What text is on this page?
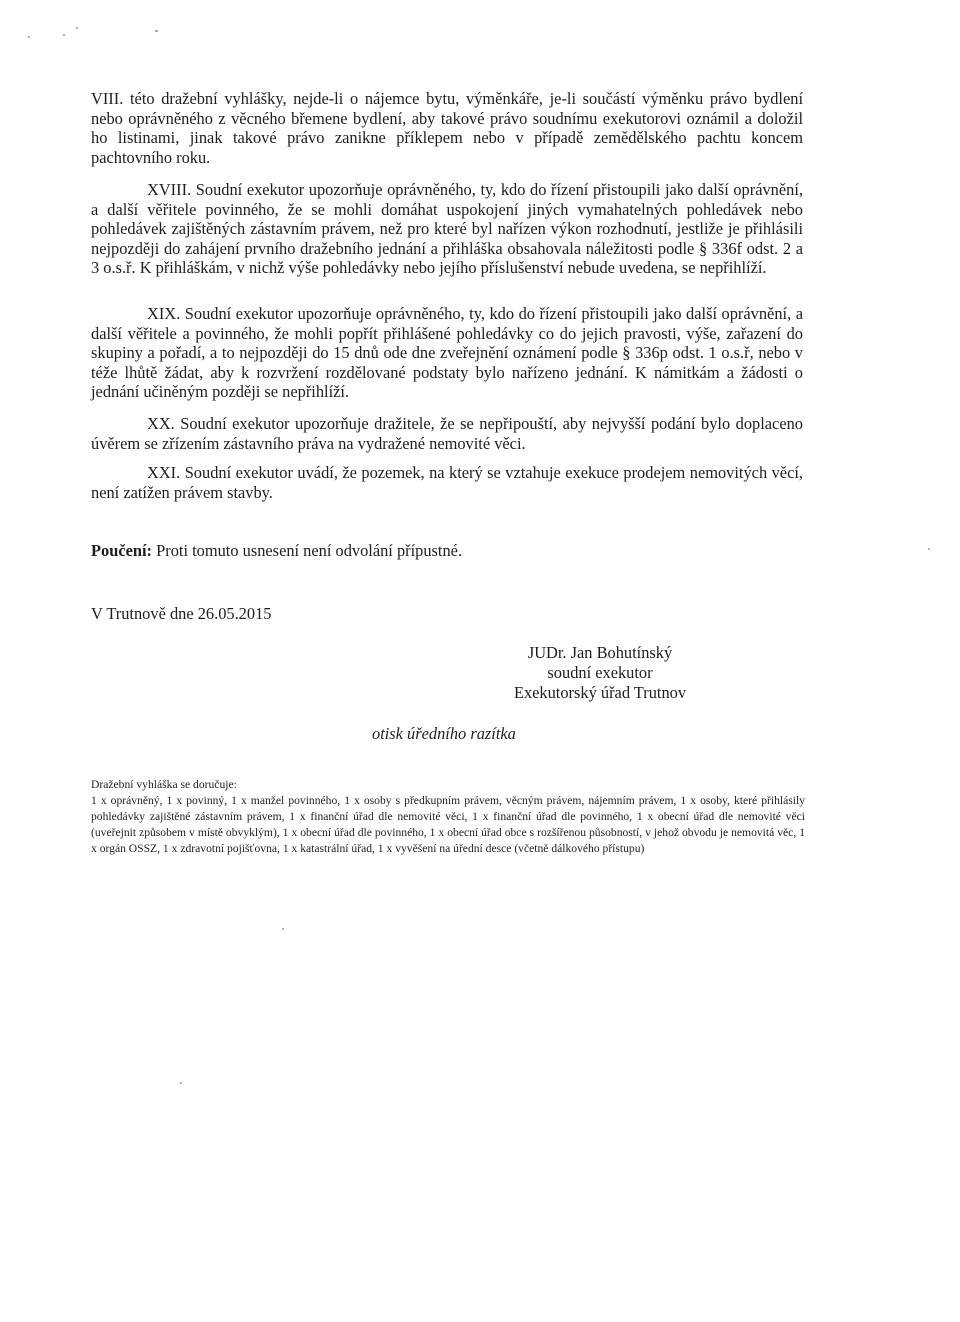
VIII. této dražební vyhlášky, nejde-li o nájemce bytu, výměnkáře, je-li součástí výměnku právo bydlení nebo oprávněného z věcného břemene bydlení, aby takové právo soudnímu exekutorovi oznámil a doložil ho listinami, jinak takové právo zanikne příklepem nebo v případě zemědělského pachtu koncem pachtovního roku.

XVIII. Soudní exekutor upozorňuje oprávněného, ty, kdo do řízení přistoupili jako další oprávnění, a další věřitele povinného, že se mohli domáhat uspokojení jiných vymahatelných pohledávek nebo pohledávek zajištěných zástavním právem, než pro které byl nařízen výkon rozhodnutí, jestliže je přihlásili nejpozději do zahájení prvního dražebního jednání a přihláška obsahovala náležitosti podle § 336f odst. 2 a 3 o.s.ř. K přihláškám, v nichž výše pohledávky nebo jejího příslušenství nebude uvedena, se nepřihlíží.

XIX. Soudní exekutor upozorňuje oprávněného, ty, kdo do řízení přistoupili jako další oprávnění, a další věřitele a povinného, že mohli popřít přihlášené pohledávky co do jejich pravosti, výše, zařazení do skupiny a pořadí, a to nejpozději do 15 dnů ode dne zveřejnění oznámení podle § 336p odst. 1 o.s.ř, nebo v téže lhůtě žádat, aby k rozvržení rozdělované podstaty bylo nařízeno jednání. K námitkám a žádosti o jednání učiněným později se nepřihlíží.

XX. Soudní exekutor upozorňuje dražitele, že se nepřipouští, aby nejvyšší podání bylo doplaceno úvěrem se zřízením zástavního práva na vydražené nemovité věci.

XXI. Soudní exekutor uvádí, že pozemek, na který se vztahuje exekuce prodejem nemovitých věcí, není zatížen právem stavby.

Poučení: Proti tomuto usnesení není odvolání přípustné.
V Trutnově dne 26.05.2015
JUDr. Jan Bohutínský
soudní exekutor
Exekutorský úřad Trutnov
otisk úředního razítka
Dražební vyhláška se doručuje:
1 x oprávněný, 1 x povinný, 1 x manžel povinného, 1 x osoby s předkupním právem, věcným právem, nájemním právem, 1 x osoby, které přihlásily pohledávky zajištěné zástavním právem, 1 x finanční úřad dle nemovité věci, 1 x finanční úřad dle povinného, 1 x obecní úřad dle nemovité věci (uveřejnit způsobem v místě obvyklým), 1 x obecní úřad dle povinného, 1 x obecní úřad obce s rozšířenou působností, v jehož obvodu je nemovitá věc, 1 x orgán OSSZ, 1 x zdravotní pojišťovna, 1 x katastrální úřad, 1 x vyvěšení na úřední desce (včetně dálkového přístupu)
